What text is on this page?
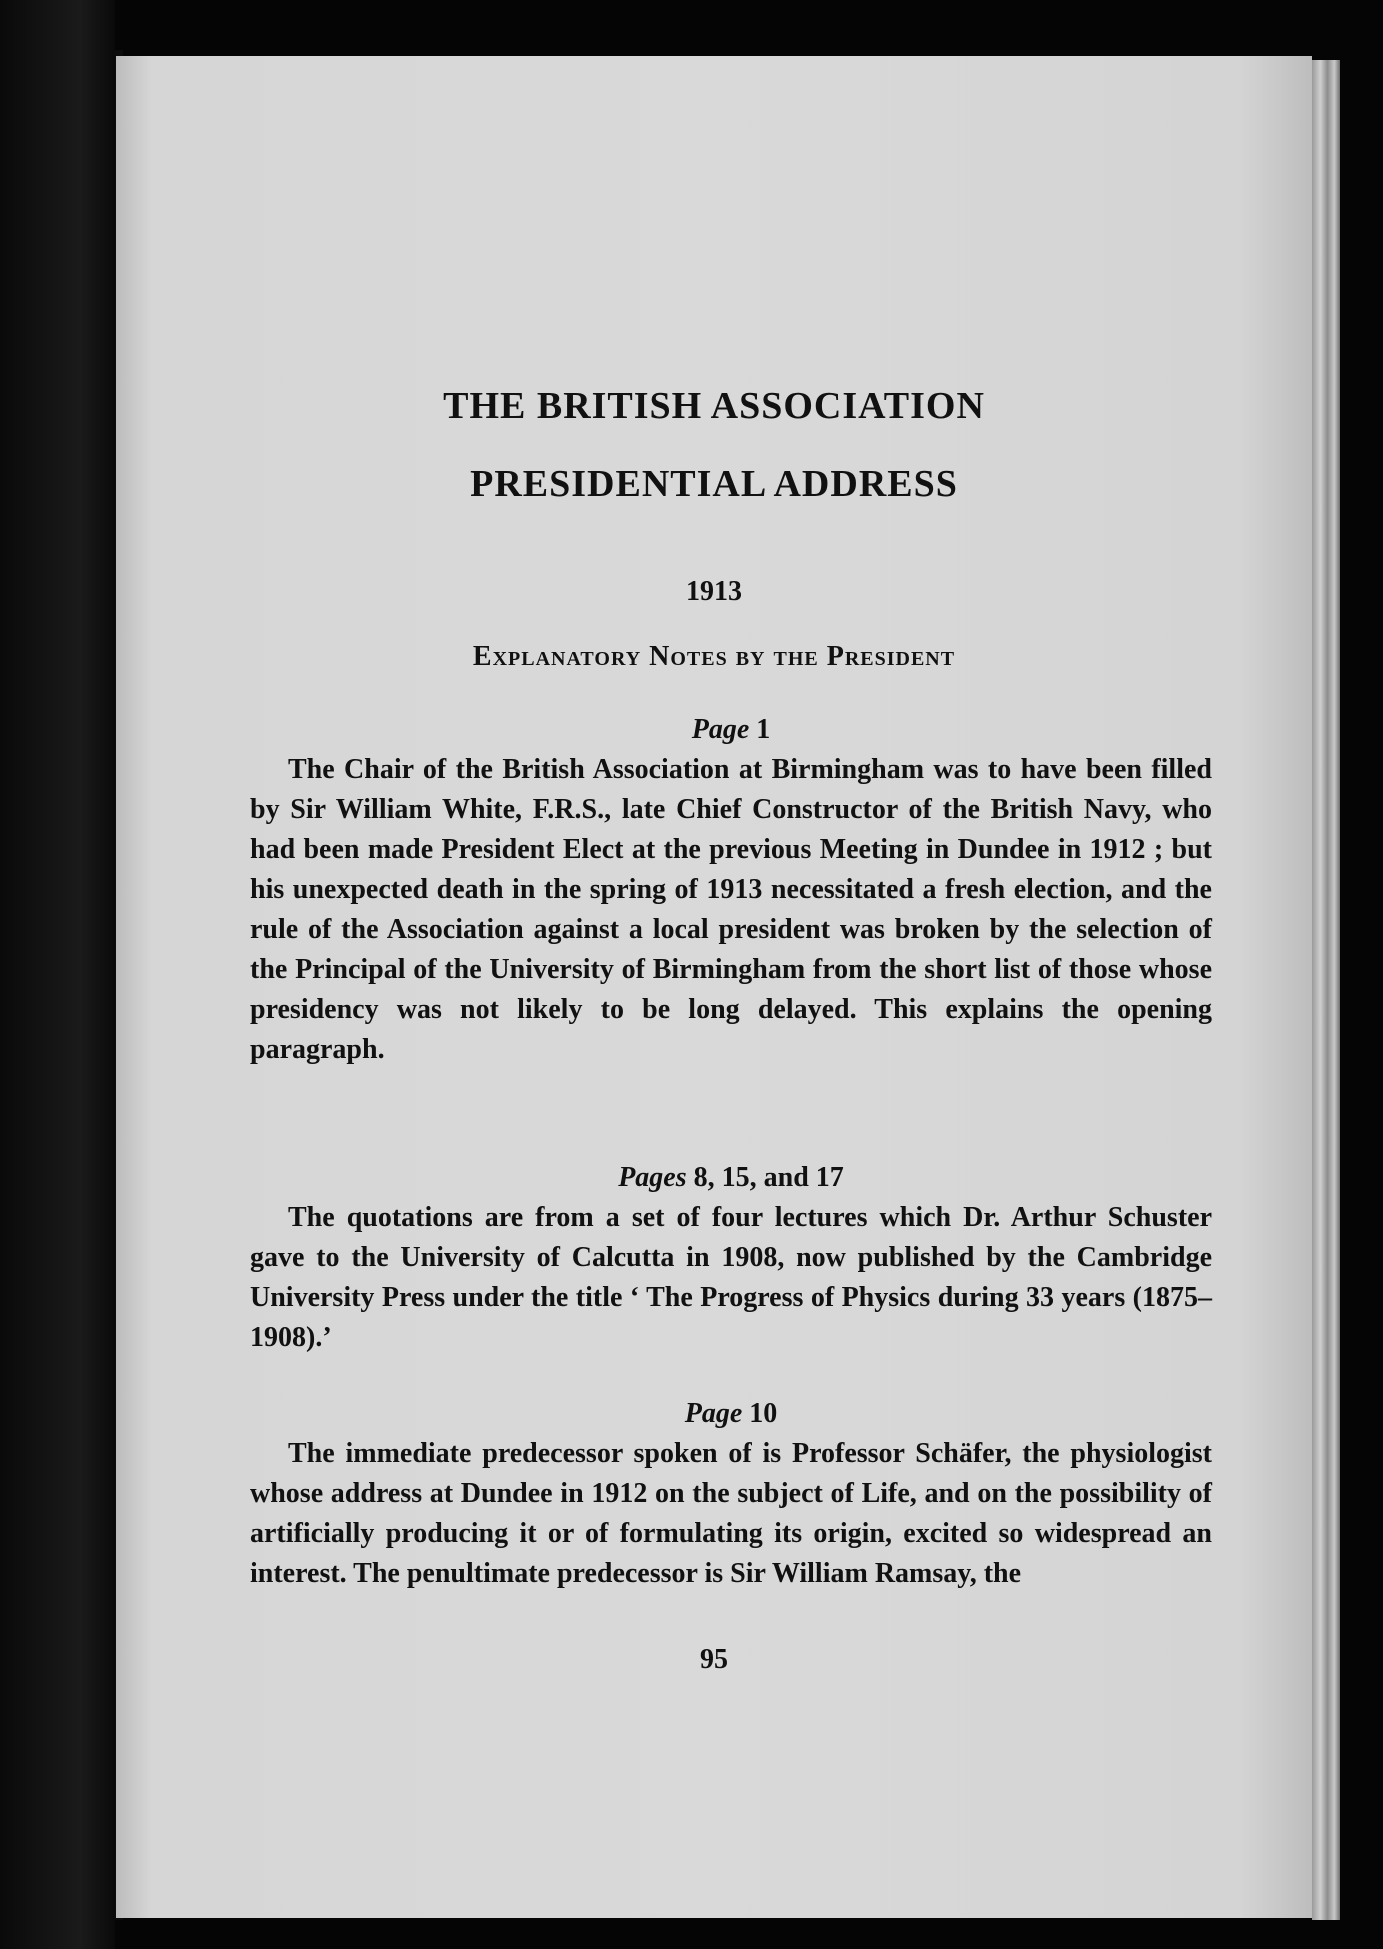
THE BRITISH ASSOCIATION
PRESIDENTIAL ADDRESS
1913
Explanatory Notes by the President
Page 1

The Chair of the British Association at Birmingham was to have been filled by Sir William White, F.R.S., late Chief Constructor of the British Navy, who had been made President Elect at the previous Meeting in Dundee in 1912 ; but his unexpected death in the spring of 1913 necessitated a fresh election, and the rule of the Association against a local president was broken by the selection of the Principal of the University of Birmingham from the short list of those whose presidency was not likely to be long delayed. This explains the opening paragraph.

Pages 8, 15, and 17

The quotations are from a set of four lectures which Dr. Arthur Schuster gave to the University of Calcutta in 1908, now published by the Cambridge University Press under the title ‘ The Progress of Physics during 33 years (1875–1908).’

Page 10

The immediate predecessor spoken of is Professor Schäfer, the physiologist whose address at Dundee in 1912 on the subject of Life, and on the possibility of artificially producing it or of formulating its origin, excited so widespread an interest. The penultimate predecessor is Sir William Ramsay, the

95
